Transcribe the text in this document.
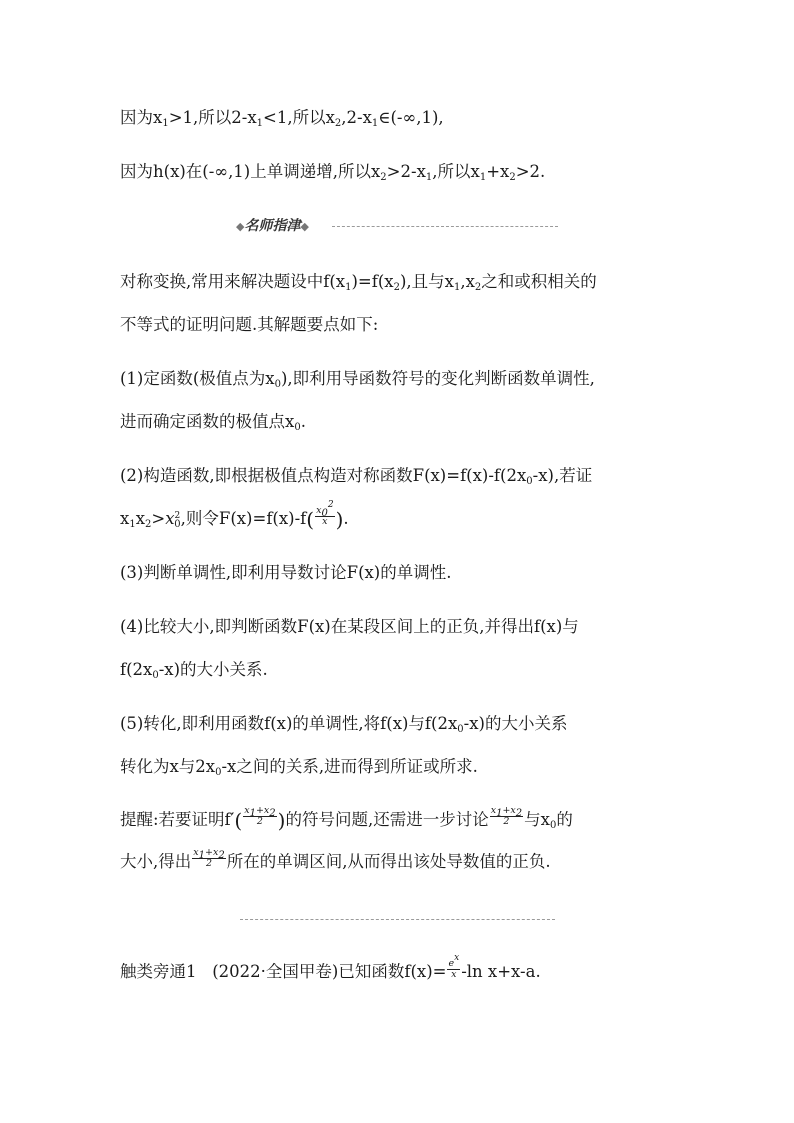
因为$x_1>1$,所以$2-x_1<1$,所以$x_2,2-x_1\in(-\infty,1)$,
因为h(x)在(-∞,1)上单调递增,所以$x_2>2-x_1$,所以$x_1+x_2>2$.
◆名师指津◆
对称变换,常用来解决题设中$f(x_1)=f(x_2)$,且与$x_1,x_2$之和或积相关的
不等式的证明问题.其解题要点如下:
(1)定函数(极值点为$x_0$),即利用导函数符号的变化判断函数单调性,
进而确定函数的极值点$x_0$.
(2)构造函数,即根据极值点构造对称函数$F(x)=f(x)-f(2x_0-x)$,若证
$x_1x_2>x^2_0$,则令$F(x)=f(x)-f( \frac{x_0^2}{x}$ ).
(3)判断单调性,即利用导数讨论F(x)的单调性.
(4)比较大小,即判断函数F(x)在某段区间上的正负,并得出f(x)与
$f(2x_0-x)$的大小关系.
(5)转化,即利用函数f(x)的单调性,将f(x)与$f(2x_0-x)$的大小关系
转化为x与$2x_0-x$之间的关系,进而得到所证或所求.
提醒:若要证明$f'( \frac{x_1+x_2}{2}$ )的符号问题,还需进一步讨论 $\frac{x_1+x_2}{2}$ 与$x_0$的
大小,得出 $\frac{x_1+x_2}{2}$ 所在的单调区间,从而得出该处导数值的正负.
触类旁通1 (2022·全国甲卷)已知函数$f(x)= \frac{e^x}{x} -\ln$ x+x-a.
